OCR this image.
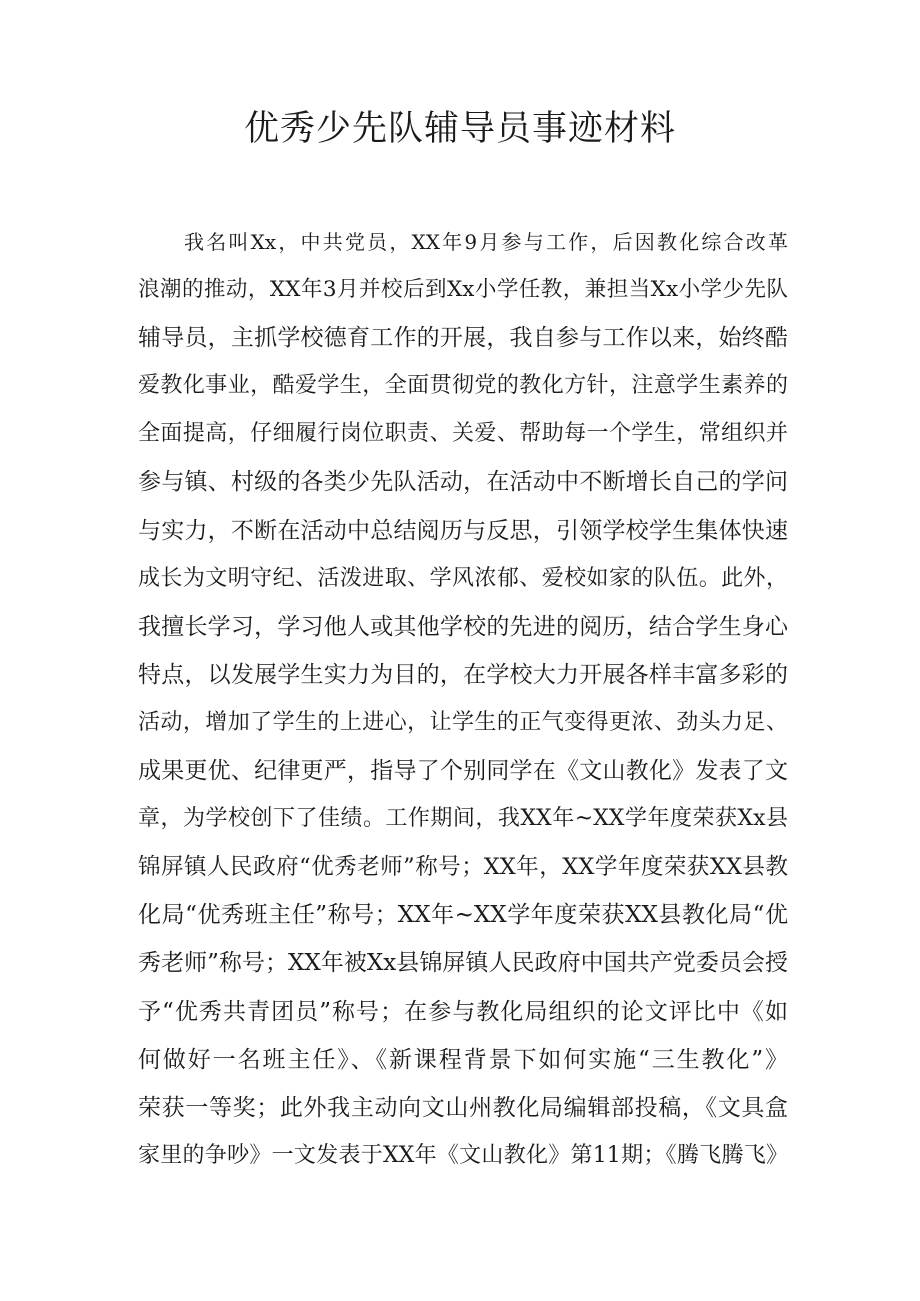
优秀少先队辅导员事迹材料
我名叫Xx，中共党员，XX年9月参与工作，后因教化综合改革
浪潮的推动，XX年3月并校后到Xx小学任教，兼担当Xx小学少先队
辅导员，主抓学校德育工作的开展，我自参与工作以来，始终酷
爱教化事业，酷爱学生，全面贯彻党的教化方针，注意学生素养的
全面提高，仔细履行岗位职责、关爱、帮助每一个学生，常组织并
参与镇、村级的各类少先队活动，在活动中不断增长自己的学问
与实力，不断在活动中总结阅历与反思，引领学校学生集体快速
成长为文明守纪、活泼进取、学风浓郁、爱校如家的队伍。此外，
我擅长学习，学习他人或其他学校的先进的阅历，结合学生身心
特点，以发展学生实力为目的，在学校大力开展各样丰富多彩的
活动，增加了学生的上进心，让学生的正气变得更浓、劲头力足、
成果更优、纪律更严，指导了个别同学在《文山教化》发表了文
章，为学校创下了佳绩。工作期间，我XX年~XX学年度荣获Xx县
锦屏镇人民政府“优秀老师”称号；XX年，XX学年度荣获XX县教
化局“优秀班主任”称号；XX年~XX学年度荣获XX县教化局“优
秀老师”称号；XX年被Xx县锦屏镇人民政府中国共产党委员会授
予“优秀共青团员”称号；在参与教化局组织的论文评比中《如
何做好一名班主任》、《新课程背景下如何实施“三生教化”》
荣获一等奖；此外我主动向文山州教化局编辑部投稿，《文具盒
家里的争吵》一文发表于XX年《文山教化》第11期；《腾飞腾飞》
